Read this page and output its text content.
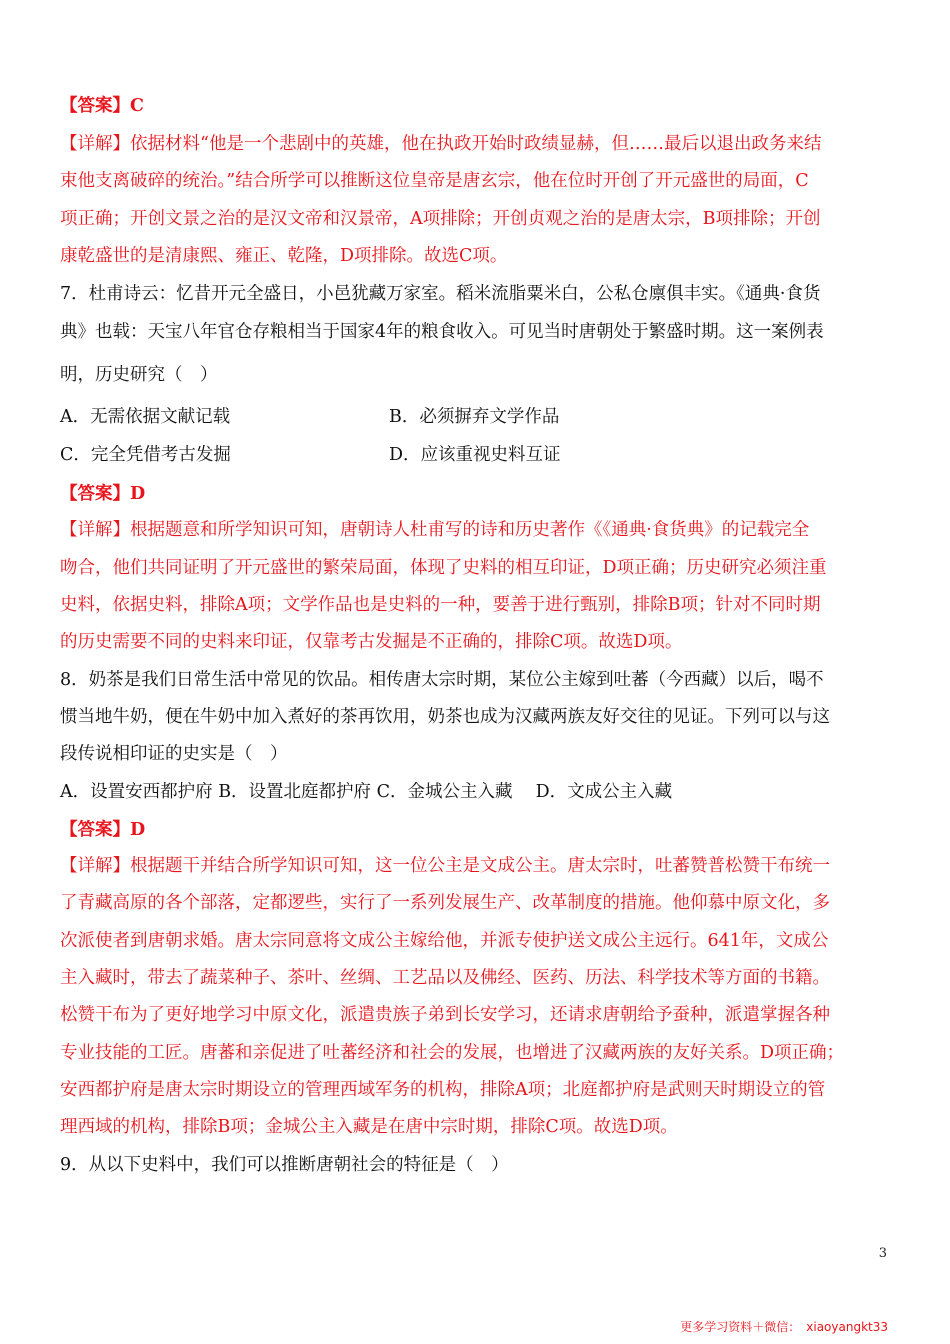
【答案】C
【详解】依据材料“他是一个悲剧中的英雄，他在执政开始时政绩显赫，但……最后以退出政务来结
束他支离破碎的统治。”结合所学可以推断这位皇帝是唐玄宗，他在位时开创了开元盛世的局面，C
项正确；开创文景之治的是汉文帝和汉景帝，A项排除；开创贞观之治的是唐太宗，B项排除；开创
康乾盛世的是清康熙、雍正、乾隆，D项排除。故选C项。
7．杜甫诗云：忆昔开元全盛日，小邑犹藏万家室。稻米流脂粟米白，公私仓廪俱丰实。《通典·食货
典》也载：天宝八年官仓存粮相当于国家4年的粮食收入。可见当时唐朝处于繁盛时期。这一案例表
明，历史研究（　）
A．无需依据文献记载	B．必须摒弃文学作品
C．完全凭借考古发掘	D．应该重视史料互证
【答案】D
【详解】根据题意和所学知识可知，唐朝诗人杜甫写的诗和历史著作《《通典·食货典》的记载完全
吻合，他们共同证明了开元盛世的繁荣局面，体现了史料的相互印证，D项正确；历史研究必须注重
史料，依据史料，排除A项；文学作品也是史料的一种，要善于进行甄别，排除B项；针对不同时期
的历史需要不同的史料来印证，仅靠考古发掘是不正确的，排除C项。故选D项。
8．奶茶是我们日常生活中常见的饮品。相传唐太宗时期，某位公主嫁到吐蕃（今西藏）以后，喝不
惯当地牛奶，便在牛奶中加入煮好的茶再饮用，奶茶也成为汉藏两族友好交往的见证。下列可以与这
段传说相印证的史实是（　）
A．设置安西都护府 B．设置北庭都护府 C．金城公主入藏　 D．文成公主入藏
【答案】D
【详解】根据题干并结合所学知识可知，这一位公主是文成公主。唐太宗时，吐蕃赞普松赞干布统一
了青藏高原的各个部落，定都逻些，实行了一系列发展生产、改革制度的措施。他仰慕中原文化，多
次派使者到唐朝求婚。唐太宗同意将文成公主嫁给他，并派专使护送文成公主远行。641年，文成公
主入藏时，带去了蔬菜种子、茶叶、丝绸、工艺品以及佛经、医药、历法、科学技术等方面的书籍。
松赞干布为了更好地学习中原文化，派遣贵族子弟到长安学习，还请求唐朝给予蚕种，派遣掌握各种
专业技能的工匠。唐蕃和亲促进了吐蕃经济和社会的发展，也增进了汉藏两族的友好关系。D项正确；
安西都护府是唐太宗时期设立的管理西域军务的机构，排除A项；北庭都护府是武则天时期设立的管
理西域的机构，排除B项；金城公主入藏是在唐中宗时期，排除C项。故选D项。
9．从以下史料中，我们可以推断唐朝社会的特征是（　）
3
更多学习资料＋微信：　xiaoyangkt33
